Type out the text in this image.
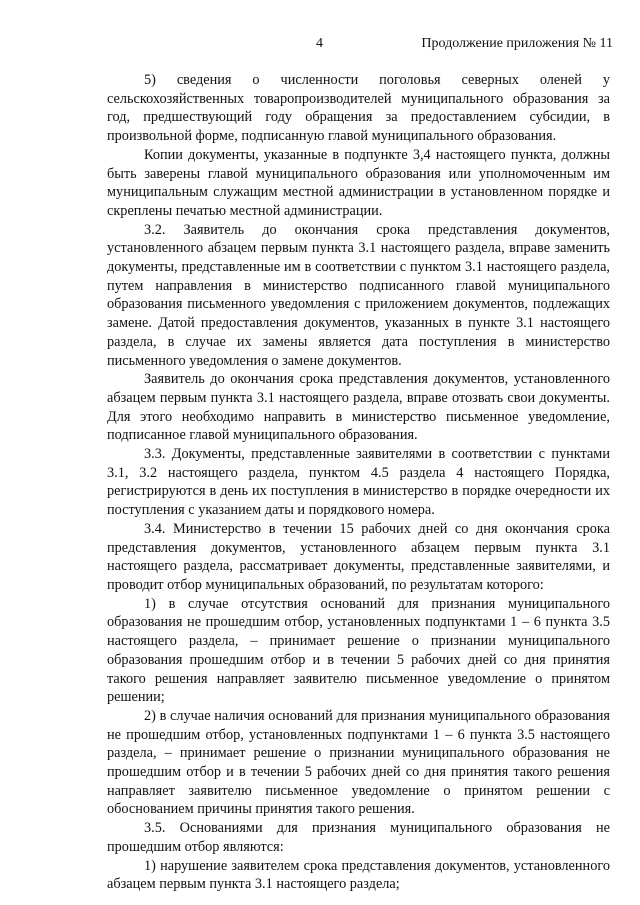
4	Продолжение приложения № 11

5) сведения о численности поголовья северных оленей у сельскохозяйственных товаропроизводителей муниципального образования за год, предшествующий году обращения за предоставлением субсидии, в произвольной форме, подписанную главой муниципального образования.

Копии документы, указанные в подпункте 3,4 настоящего пункта, должны быть заверены главой муниципального образования или уполномоченным им муниципальным служащим местной администрации в установленном порядке и скреплены печатью местной администрации.

3.2. Заявитель до окончания срока представления документов, установленного абзацем первым пункта 3.1 настоящего раздела, вправе заменить документы, представленные им в соответствии с пунктом 3.1 настоящего раздела, путем направления в министерство подписанного главой муниципального образования письменного уведомления с приложением документов, подлежащих замене. Датой предоставления документов, указанных в пункте 3.1 настоящего раздела, в случае их замены является дата поступления в министерство письменного уведомления о замене документов.

Заявитель до окончания срока представления документов, установленного абзацем первым пункта 3.1 настоящего раздела, вправе отозвать свои документы. Для этого необходимо направить в министерство письменное уведомление, подписанное главой муниципального образования.

3.3. Документы, представленные заявителями в соответствии с пунктами 3.1, 3.2 настоящего раздела, пунктом 4.5 раздела 4 настоящего Порядка, регистрируются в день их поступления в министерство в порядке очередности их поступления с указанием даты и порядкового номера.

3.4. Министерство в течении 15 рабочих дней со дня окончания срока представления документов, установленного абзацем первым пункта 3.1 настоящего раздела, рассматривает документы, представленные заявителями, и проводит отбор муниципальных образований, по результатам которого:

1) в случае отсутствия оснований для признания муниципального образования не прошедшим отбор, установленных подпунктами 1 – 6 пункта 3.5 настоящего раздела, – принимает решение о признании муниципального образования прошедшим отбор и в течении 5 рабочих дней со дня принятия такого решения направляет заявителю письменное уведомление о принятом решении;

2) в случае наличия оснований для признания муниципального образования не прошедшим отбор, установленных подпунктами 1 – 6 пункта 3.5 настоящего раздела, – принимает решение о признании муниципального образования не прошедшим отбор и в течении 5 рабочих дней со дня принятия такого решения направляет заявителю письменное уведомление о принятом решении с обоснованием причины принятия такого решения.

3.5. Основаниями для признания муниципального образования не прошедшим отбор являются:

1) нарушение заявителем срока представления документов, установленного абзацем первым пункта 3.1 настоящего раздела;
